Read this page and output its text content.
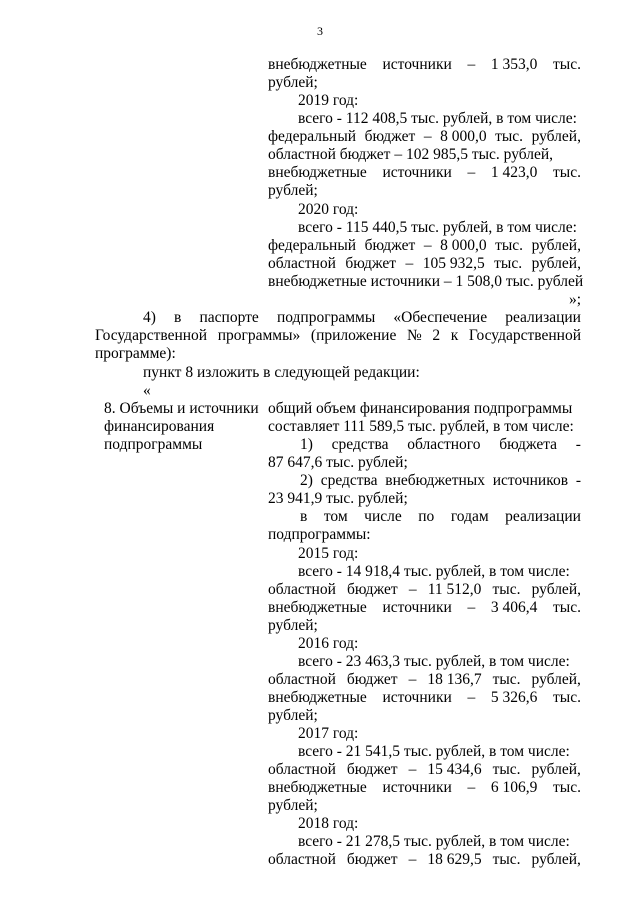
3
внебюджетные источники – 1 353,0 тыс.
рублей;
2019 год:
всего - 112 408,5 тыс. рублей, в том числе:
федеральный бюджет – 8 000,0 тыс. рублей,
областной бюджет – 102 985,5 тыс. рублей,
внебюджетные источники – 1 423,0 тыс.
рублей;
2020 год:
всего - 115 440,5 тыс. рублей, в том числе:
федеральный бюджет – 8 000,0 тыс. рублей,
областной бюджет – 105 932,5 тыс. рублей,
внебюджетные источники – 1 508,0 тыс. рублей
»;
4) в паспорте подпрограммы «Обеспечение реализации
Государственной программы» (приложение № 2 к Государственной
программе):
пункт 8 изложить в следующей редакции:
«
8. Объемы и источники
финансирования
подпрограммы
общий объем финансирования подпрограммы
составляет 111 589,5 тыс. рублей, в том числе:
1) средства областного бюджета -
87 647,6 тыс. рублей;
2) средства внебюджетных источников -
23 941,9 тыс. рублей;
в том числе по годам реализации
подпрограммы:
2015 год:
всего - 14 918,4 тыс. рублей, в том числе:
областной бюджет – 11 512,0 тыс. рублей,
внебюджетные источники – 3 406,4 тыс.
рублей;
2016 год:
всего - 23 463,3 тыс. рублей, в том числе:
областной бюджет – 18 136,7 тыс. рублей,
внебюджетные источники – 5 326,6 тыс.
рублей;
2017 год:
всего - 21 541,5 тыс. рублей, в том числе:
областной бюджет – 15 434,6 тыс. рублей,
внебюджетные источники – 6 106,9 тыс.
рублей;
2018 год:
всего - 21 278,5 тыс. рублей, в том числе:
областной бюджет – 18 629,5 тыс. рублей,
